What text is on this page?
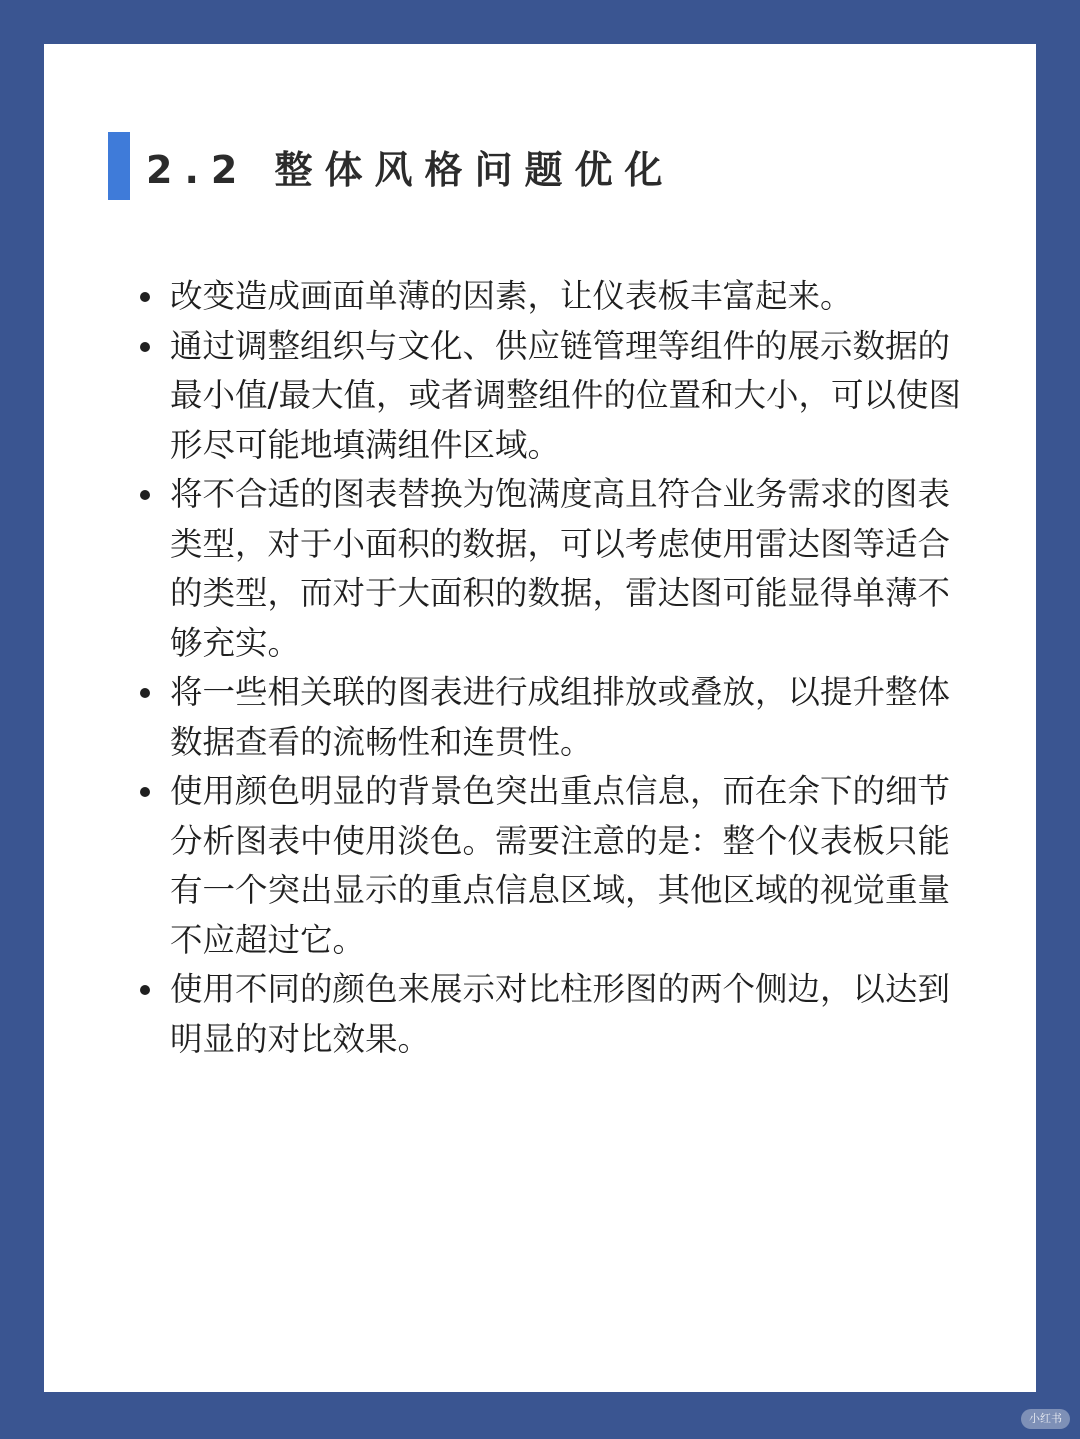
2.2 整体风格问题优化
改变造成画面单薄的因素，让仪表板丰富起来。
通过调整组织与文化、供应链管理等组件的展示数据的最小值/最大值，或者调整组件的位置和大小，可以使图形尽可能地填满组件区域。
将不合适的图表替换为饱满度高且符合业务需求的图表类型，对于小面积的数据，可以考虑使用雷达图等适合的类型，而对于大面积的数据，雷达图可能显得单薄不够充实。
将一些相关联的图表进行成组排放或叠放，以提升整体数据查看的流畅性和连贯性。
使用颜色明显的背景色突出重点信息，而在余下的细节分析图表中使用淡色。需要注意的是：整个仪表板只能有一个突出显示的重点信息区域，其他区域的视觉重量不应超过它。
使用不同的颜色来展示对比柱形图的两个侧边，以达到明显的对比效果。
小红书
